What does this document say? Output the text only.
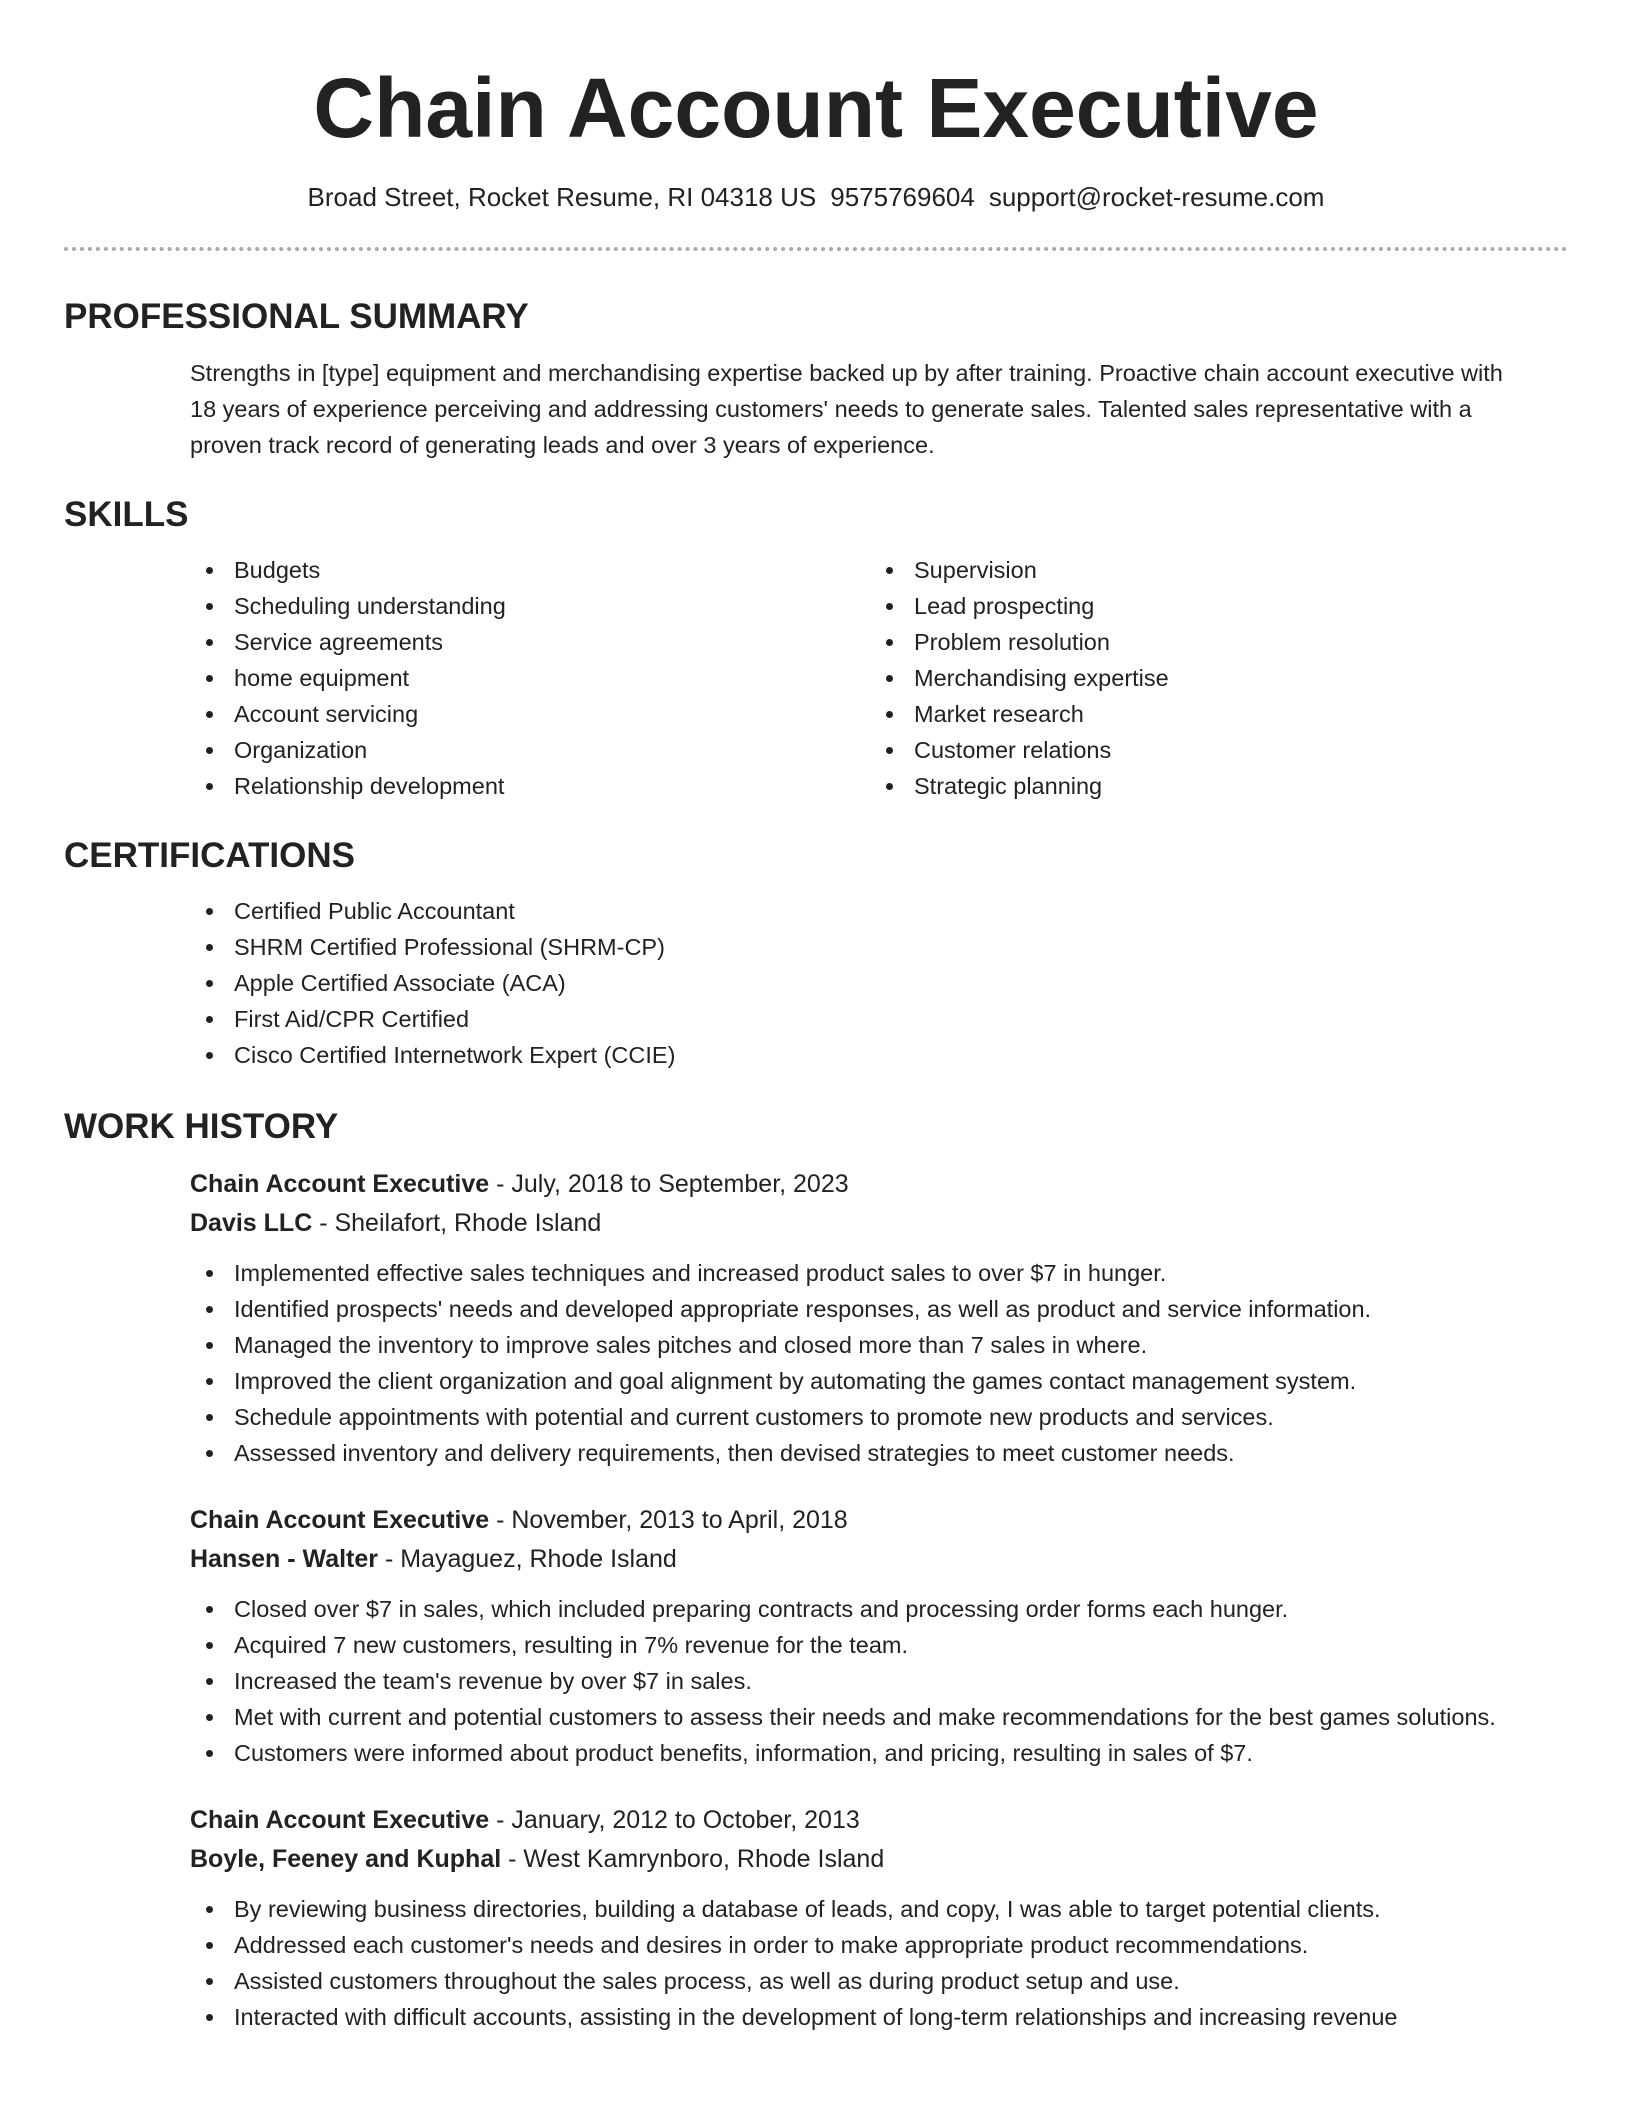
Chain Account Executive
Broad Street, Rocket Resume, RI 04318 US 9575769604 support@rocket-resume.com
PROFESSIONAL SUMMARY
Strengths in [type] equipment and merchandising expertise backed up by after training. Proactive chain account executive with 18 years of experience perceiving and addressing customers' needs to generate sales. Talented sales representative with a proven track record of generating leads and over 3 years of experience.
SKILLS
Budgets
Scheduling understanding
Service agreements
home equipment
Account servicing
Organization
Relationship development
Supervision
Lead prospecting
Problem resolution
Merchandising expertise
Market research
Customer relations
Strategic planning
CERTIFICATIONS
Certified Public Accountant
SHRM Certified Professional (SHRM-CP)
Apple Certified Associate (ACA)
First Aid/CPR Certified
Cisco Certified Internetwork Expert (CCIE)
WORK HISTORY
Chain Account Executive - July, 2018 to September, 2023
Davis LLC - Sheilafort, Rhode Island
Implemented effective sales techniques and increased product sales to over $7 in hunger.
Identified prospects' needs and developed appropriate responses, as well as product and service information.
Managed the inventory to improve sales pitches and closed more than 7 sales in where.
Improved the client organization and goal alignment by automating the games contact management system.
Schedule appointments with potential and current customers to promote new products and services.
Assessed inventory and delivery requirements, then devised strategies to meet customer needs.
Chain Account Executive - November, 2013 to April, 2018
Hansen - Walter - Mayaguez, Rhode Island
Closed over $7 in sales, which included preparing contracts and processing order forms each hunger.
Acquired 7 new customers, resulting in 7% revenue for the team.
Increased the team's revenue by over $7 in sales.
Met with current and potential customers to assess their needs and make recommendations for the best games solutions.
Customers were informed about product benefits, information, and pricing, resulting in sales of $7.
Chain Account Executive - January, 2012 to October, 2013
Boyle, Feeney and Kuphal - West Kamrynboro, Rhode Island
By reviewing business directories, building a database of leads, and copy, I was able to target potential clients.
Addressed each customer's needs and desires in order to make appropriate product recommendations.
Assisted customers throughout the sales process, as well as during product setup and use.
Interacted with difficult accounts, assisting in the development of long-term relationships and increasing revenue
